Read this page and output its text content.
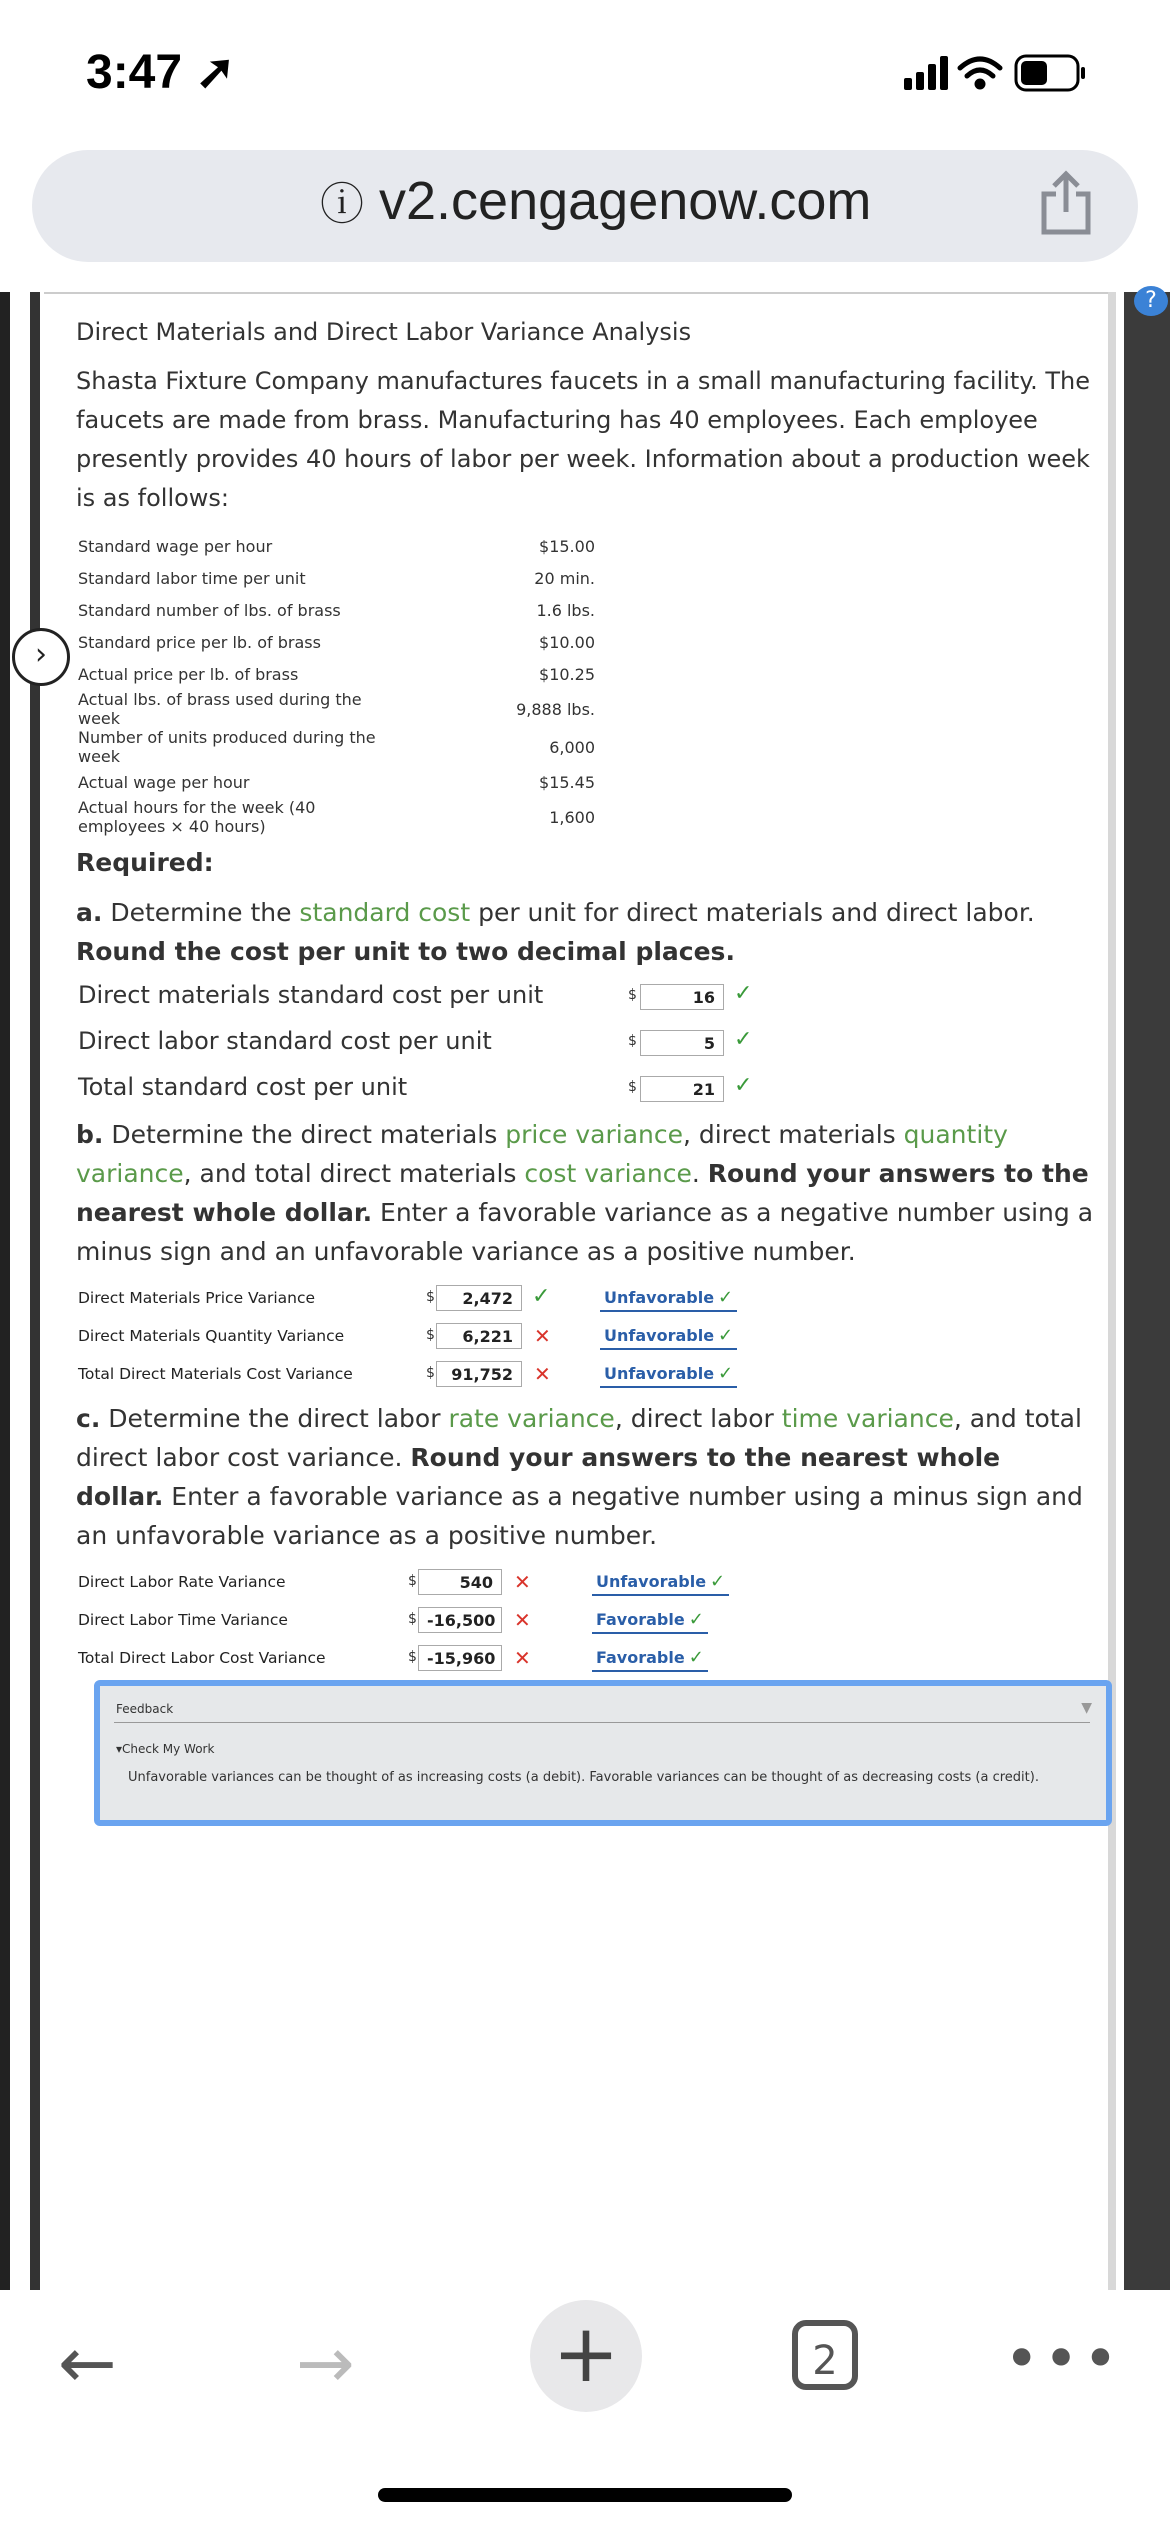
3:47 ➚
ⓘ v2.cengagenow.com
?
›
Direct Materials and Direct Labor Variance Analysis
Shasta Fixture Company manufactures faucets in a small manufacturing facility. The faucets are made from brass. Manufacturing has 40 employees. Each employee presently provides 40 hours of labor per week. Information about a production week is as follows:
Standard wage per hour	$15.00
Standard labor time per unit	20 min.
Standard number of lbs. of brass	1.6 lbs.
Standard price per lb. of brass	$10.00
Actual price per lb. of brass	$10.25
Actual lbs. of brass used during the week	9,888 lbs.
Number of units produced during the week	6,000
Actual wage per hour	$15.45
Actual hours for the week (40 employees × 40 hours)	1,600
Required:
a. Determine the standard cost per unit for direct materials and direct labor. Round the cost per unit to two decimal places.
Direct materials standard cost per unit	$	16 ✓
Direct labor standard cost per unit	$	5 ✓
Total standard cost per unit	$	21 ✓
b. Determine the direct materials price variance, direct materials quantity variance, and total direct materials cost variance. Round your answers to the nearest whole dollar. Enter a favorable variance as a negative number using a minus sign and an unfavorable variance as a positive number.
Direct Materials Price Variance	$	2,472 ✓	Unfavorable ✓
Direct Materials Quantity Variance	$	6,221	✕	Unfavorable ✓
Total Direct Materials Cost Variance	$	91,752	✕	Unfavorable ✓
c. Determine the direct labor rate variance, direct labor time variance, and total direct labor cost variance. Round your answers to the nearest whole dollar. Enter a favorable variance as a negative number using a minus sign and an unfavorable variance as a positive number.
Direct Labor Rate Variance	$	540	✕	Unfavorable ✓
Direct Labor Time Variance	$ -16,500 ✕	Favorable ✓
Total Direct Labor Cost Variance	$ -15,960 ✕	Favorable ✓
Feedback	▼
▾Check My Work
Unfavorable variances can be thought of as increasing costs (a debit). Favorable variances can be thought of as decreasing costs (a credit).
←	→ +	2	•••
